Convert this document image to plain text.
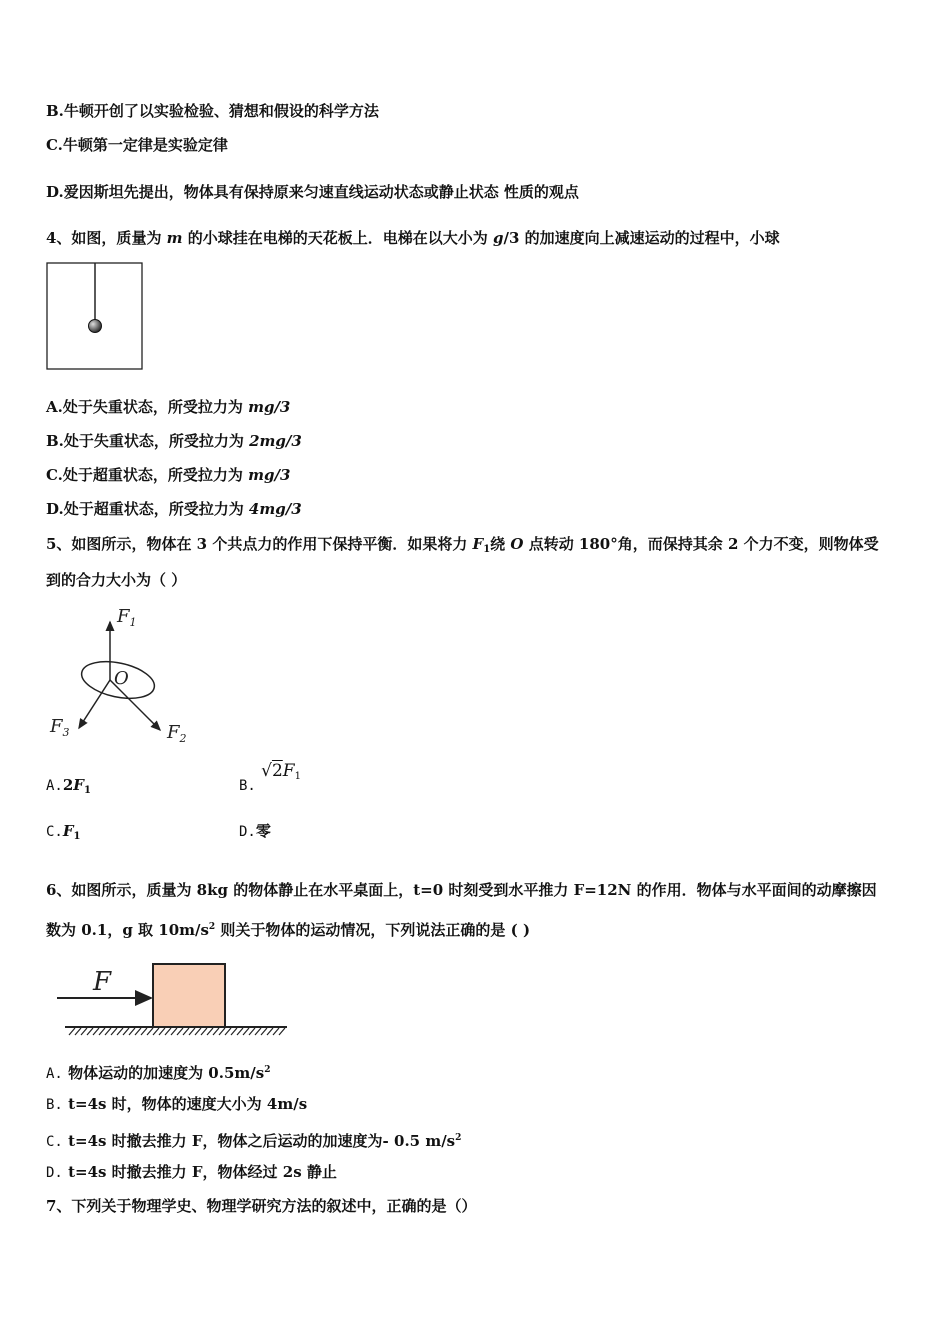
B.牛顿开创了以实验检验、猜想和假设的科学方法
C.牛顿第一定律是实验定律
D.爱因斯坦先提出，物体具有保持原来匀速直线运动状态或静止状态 性质的观点
4、如图，质量为 m 的小球挂在电梯的天花板上．电梯在以大小为 g/3 的加速度向上减速运动的过程中，小球
A.处于失重状态，所受拉力为 mg/3
B.处于失重状态，所受拉力为 2mg/3
C.处于超重状态，所受拉力为 mg/3
D.处于超重状态，所受拉力为 4mg/3
5、如图所示，物体在 3 个共点力的作用下保持平衡．如果将力 $F_1$绕 O 点转动 180°角，而保持其余 2 个力不变，则物体受
到的合力大小为（ ）
$F_1$
O
$F_2$
$F_3$
$A.2F_1$	B. $√2F_1$
$C.F_1$	D.零
6、如图所示，质量为 8kg 的物体静止在水平桌面上，t=0 时刻受到水平推力 F=12N 的作用．物体与水平面间的动摩擦因
数为 0.1，g 取 $10m/s^2$ 则关于物体的运动情况，下列说法正确的是 ( )
F
A. 物体运动的加速度为 $0.5m/s^2$
B. t=4s 时，物体的速度大小为 4m/s
C. t=4s 时撤去推力 F，物体之后运动的加速度为- 0.5 $m/s^2$
D. t=4s 时撤去推力 F，物体经过 2s 静止
7、下列关于物理学史、物理学研究方法的叙述中，正确的是（）
